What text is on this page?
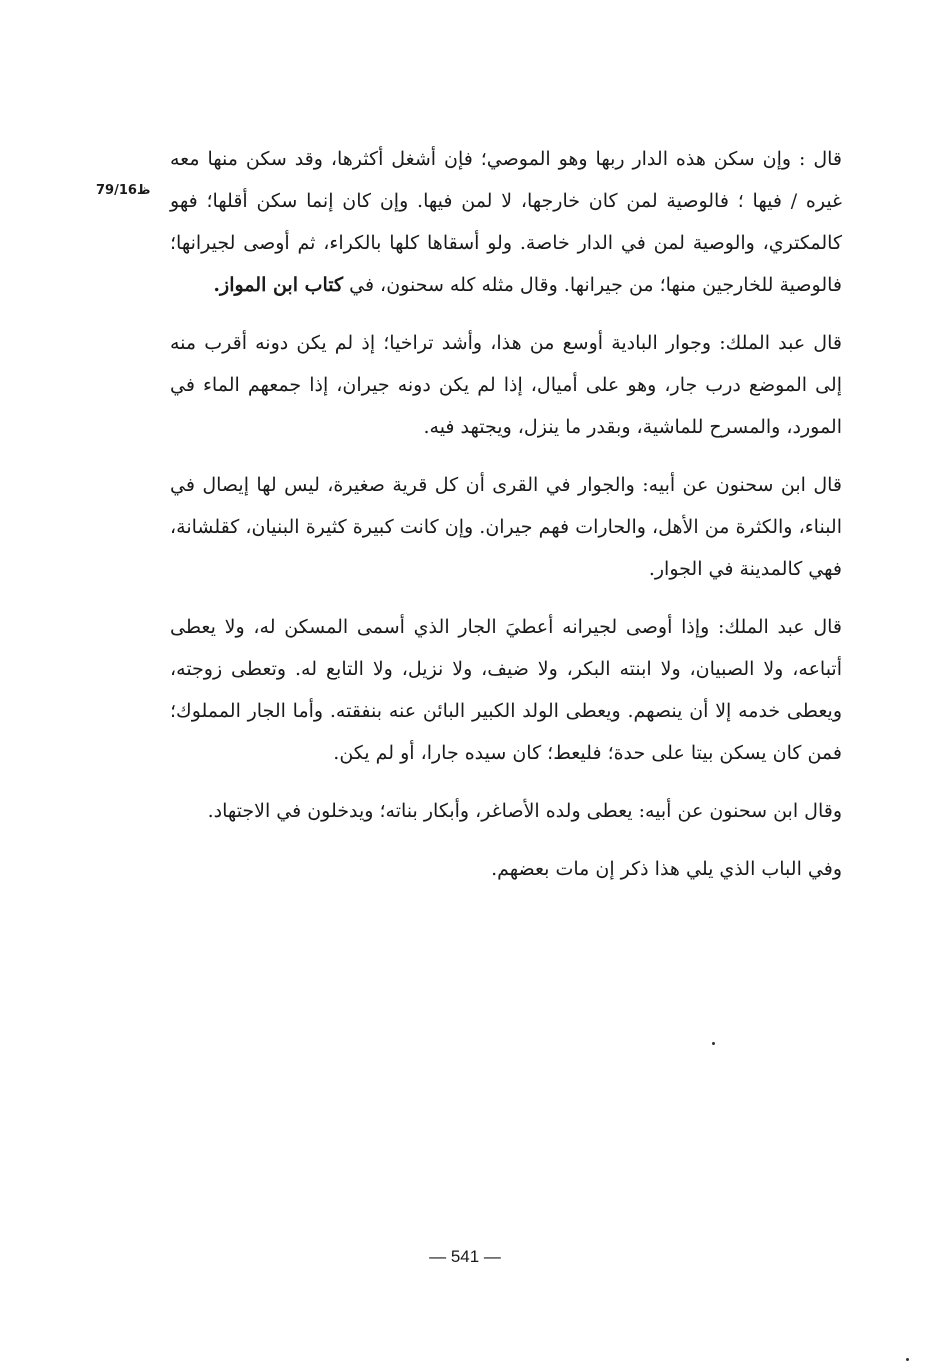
79/16ظ

قال : وإن سكن هذه الدار ربها وهو الموصي؛ فإن أشغل أكثرها، وقد سكن منها معه غيره / فيها ؛ فالوصية لمن كان خارجها، لا لمن فيها. وإن كان إنما سكن أقلها؛ فهو كالمكتري، والوصية لمن في الدار خاصة. ولو أسقاها كلها بالكراء، ثم أوصى لجيرانها؛ فالوصية للخارجين منها؛ من جيرانها. وقال مثله كله سحنون، في كتاب ابن المواز.

قال عبد الملك: وجوار البادية أوسع من هذا، وأشد تراخيا؛ إذ لم يكن دونه أقرب منه إلى الموضع درب جار، وهو على أميال، إذا لم يكن دونه جيران، إذا جمعهم الماء في المورد، والمسرح للماشية، وبقدر ما ينزل، ويجتهد فيه.

قال ابن سحنون عن أبيه: والجوار في القرى أن كل قرية صغيرة، ليس لها إيصال في البناء، والكثرة من الأهل، والحارات فهم جيران. وإن كانت كبيرة كثيرة البنيان، كقلشانة، فهي كالمدينة في الجوار.

قال عبد الملك: وإذا أوصى لجيرانه أعطيَ الجار الذي أسمى المسكن له، ولا يعطى أتباعه، ولا الصبيان، ولا ابنته البكر، ولا ضيف، ولا نزيل، ولا التابع له. وتعطى زوجته، ويعطى خدمه إلا أن ينصهم. ويعطى الولد الكبير البائن عنه بنفقته. وأما الجار المملوك؛ فمن كان يسكن بيتا على حدة؛ فليعط؛ كان سيده جارا، أو لم يكن.

وقال ابن سحنون عن أبيه: يعطى ولده الأصاغر، وأبكار بناته؛ ويدخلون في الاجتهاد.

وفي الباب الذي يلي هذا ذكر إن مات بعضهم.

— 541 —
